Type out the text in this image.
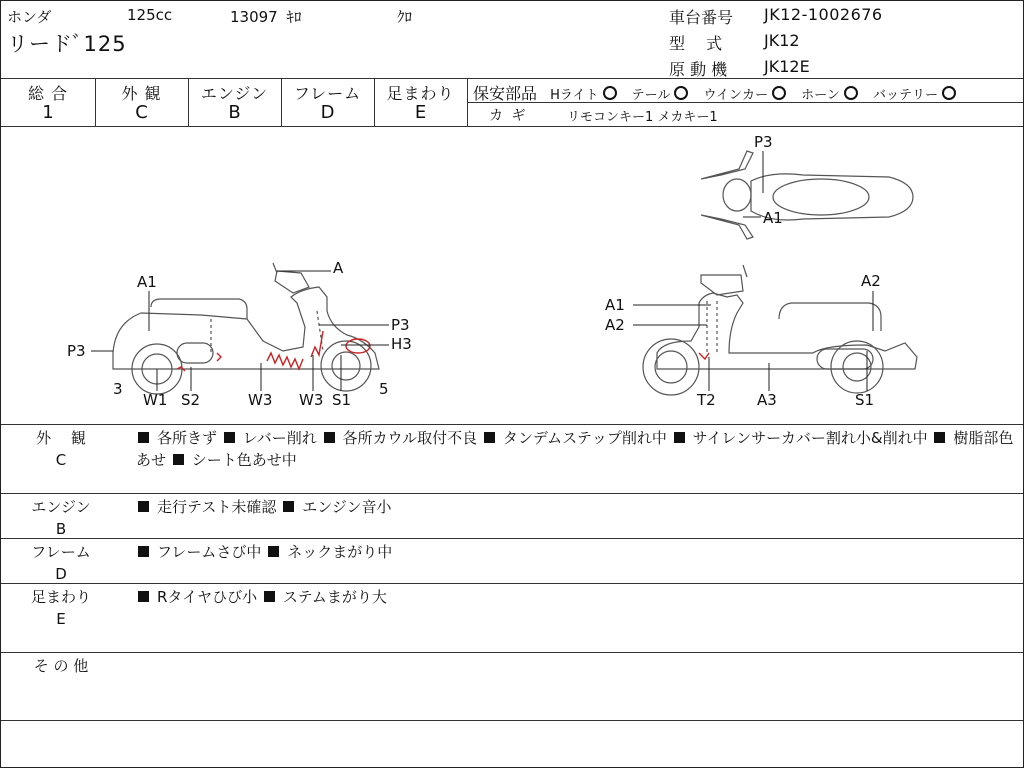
ホンダ	125cc	13097 ｷﾛ	ｸﾛ
リードﾞ125
車台番号 JK12-1002676
型　 式	JK12
原 動 機 JK12E
総 合
1
外 観
C
エンジン
B
フレーム
D
足まわり
E
保安部品 Hライト	テール	ウインカー	ホーン	バッテリー
カ ギ	リモコンキー1 メカキー1
A
A1
P3
P3
H3
3	5
W1 S2	W3 W3 S1
A1
A2
A2
T2	A3	S1
P3
A1
外　 観
C
各所きず レバー削れ 各所カウル取付不良 タンデムステップ削れ中 サイレンサーカバー割れ小&削れ中 樹脂部色あせ シート色あせ中
エンジン
B
走行テスト未確認 エンジン音小
フレーム
D
フレームさび中 ネックまがり中
足まわり
E
Rタイヤひび小 ステムまがり大
そ の 他
